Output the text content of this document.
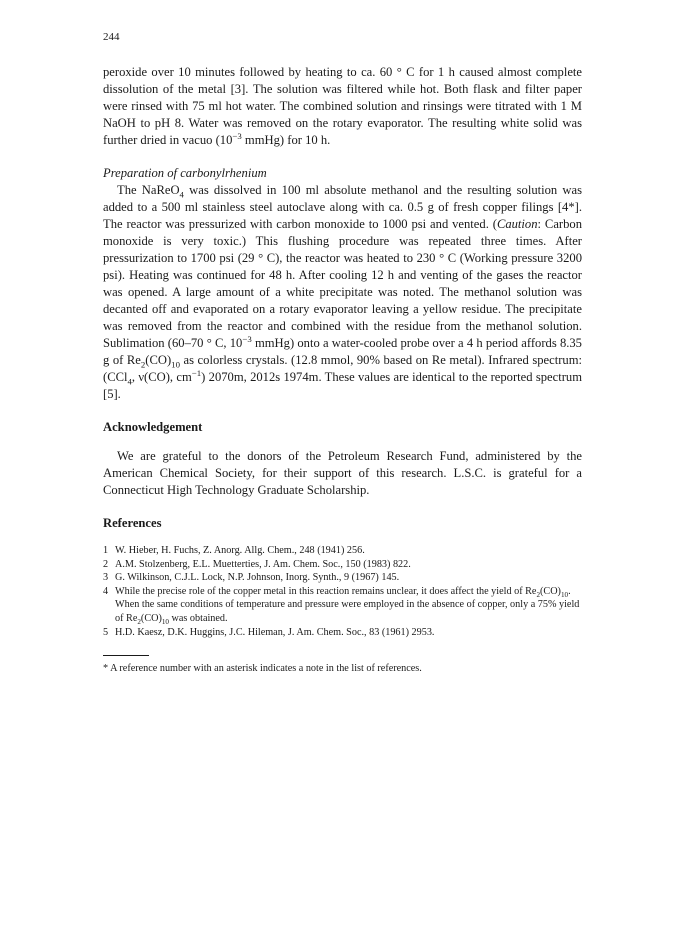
244

peroxide over 10 minutes followed by heating to ca. 60 ° C for 1 h caused almost complete dissolution of the metal [3]. The solution was filtered while hot. Both flask and filter paper were rinsed with 75 ml hot water. The combined solution and rinsings were titrated with 1 M NaOH to pH 8. Water was removed on the rotary evaporator. The resulting white solid was further dried in vacuo ($10^{-3}$ mmHg) for 10 h.

Preparation of carbonylrhenium

The NaReO$_4$ was dissolved in 100 ml absolute methanol and the resulting solution was added to a 500 ml stainless steel autoclave along with ca. 0.5 g of fresh copper filings [4*]. The reactor was pressurized with carbon monoxide to 1000 psi and vented. (Caution: Carbon monoxide is very toxic.) This flushing procedure was repeated three times. After pressurization to 1700 psi (29 ° C), the reactor was heated to 230 ° C (Working pressure 3200 psi). Heating was continued for 48 h. After cooling 12 h and venting of the gases the reactor was opened. A large amount of a white precipitate was noted. The methanol solution was decanted off and evaporated on a rotary evaporator leaving a yellow residue. The precipitate was removed from the reactor and combined with the residue from the methanol solution. Sublimation (60–70 ° C, $10^{-3}$ mmHg) onto a water-cooled probe over a 4 h period affords 8.35 g of $Re_2(CO)_{10}$ as colorless crystals. (12.8 mmol, 90% based on Re metal). Infrared spectrum: (CCl$_4$, ν(CO), $cm^{-1}$) 2070m, 2012s 1974m. These values are identical to the reported spectrum [5].

Acknowledgement

We are grateful to the donors of the Petroleum Research Fund, administered by the American Chemical Society, for their support of this research. L.S.C. is grateful for a Connecticut High Technology Graduate Scholarship.

References

1 W. Hieber, H. Fuchs, Z. Anorg. Allg. Chem., 248 (1941) 256.
2 A.M. Stolzenberg, E.L. Muetterties, J. Am. Chem. Soc., 150 (1983) 822.
3 G. Wilkinson, C.J.L. Lock, N.P. Johnson, Inorg. Synth., 9 (1967) 145.
4 While the precise role of the copper metal in this reaction remains unclear, it does affect the yield of $Re_2(CO)_{10}$. When the same conditions of temperature and pressure were employed in the absence of copper, only a 75% yield of $Re_2(CO)_{10}$ was obtained.
5 H.D. Kaesz, D.K. Huggins, J.C. Hileman, J. Am. Chem. Soc., 83 (1961) 2953.

* A reference number with an asterisk indicates a note in the list of references.
